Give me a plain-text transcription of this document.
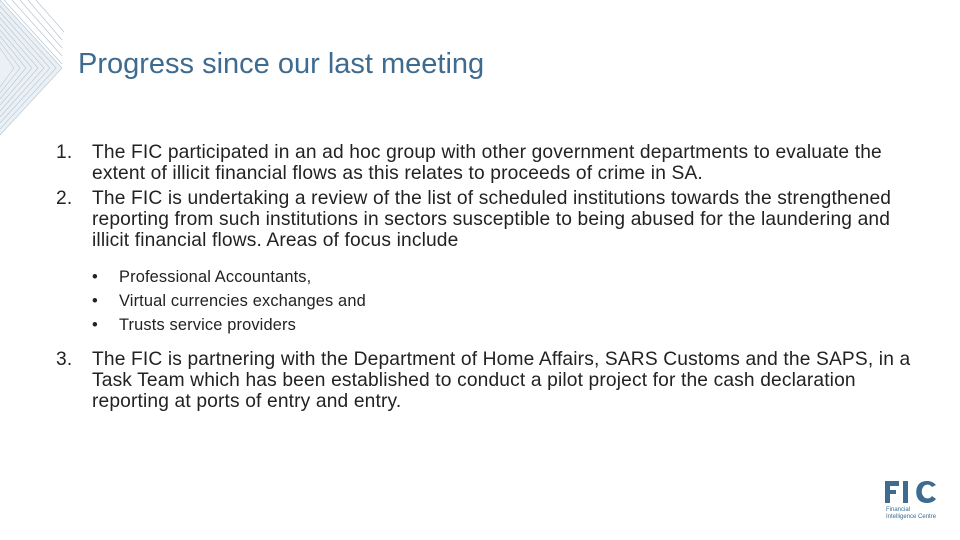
Progress since our last meeting
1.	The FIC participated in an ad hoc group with other government departments to evaluate the extent of illicit financial flows as this relates to proceeds of crime in SA.
2.	The FIC is undertaking a review of the list of scheduled institutions towards the strengthened reporting from such institutions in sectors susceptible to being abused for the laundering and illicit financial flows. Areas of focus include
•	Professional Accountants,
•	Virtual currencies exchanges and
•	Trusts service providers
3.	The FIC is partnering with the Department of Home Affairs, SARS Customs and the SAPS, in a Task Team which has been established to conduct a pilot project for the cash declaration reporting at ports of entry and entry.
Financial Intelligence Centre
